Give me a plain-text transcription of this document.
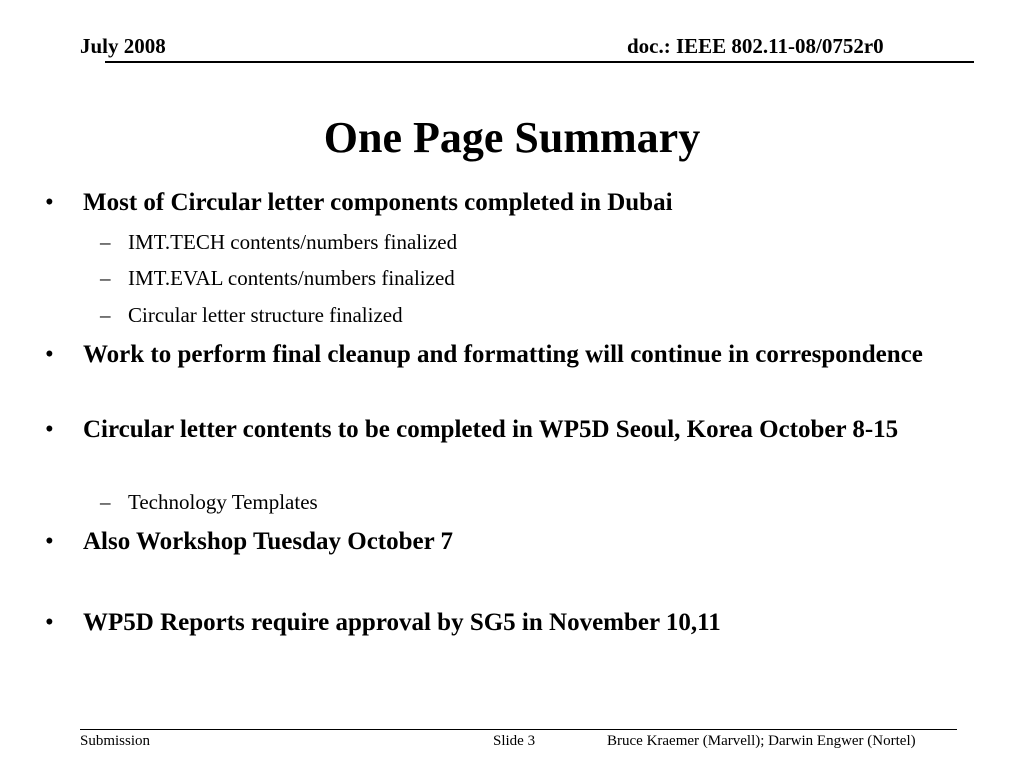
July 2008	doc.: IEEE 802.11-08/0752r0
One Page Summary
• Most of Circular letter components completed in Dubai
– IMT.TECH contents/numbers finalized
– IMT.EVAL contents/numbers finalized
– Circular letter structure finalized
• Work to perform final cleanup and formatting will continue in correspondence
• Circular letter contents to be completed in WP5D Seoul, Korea October 8-15
– Technology Templates
• Also Workshop Tuesday October 7
• WP5D Reports require approval by SG5 in November 10,11
Submission	Slide 3	Bruce Kraemer (Marvell); Darwin Engwer (Nortel)
